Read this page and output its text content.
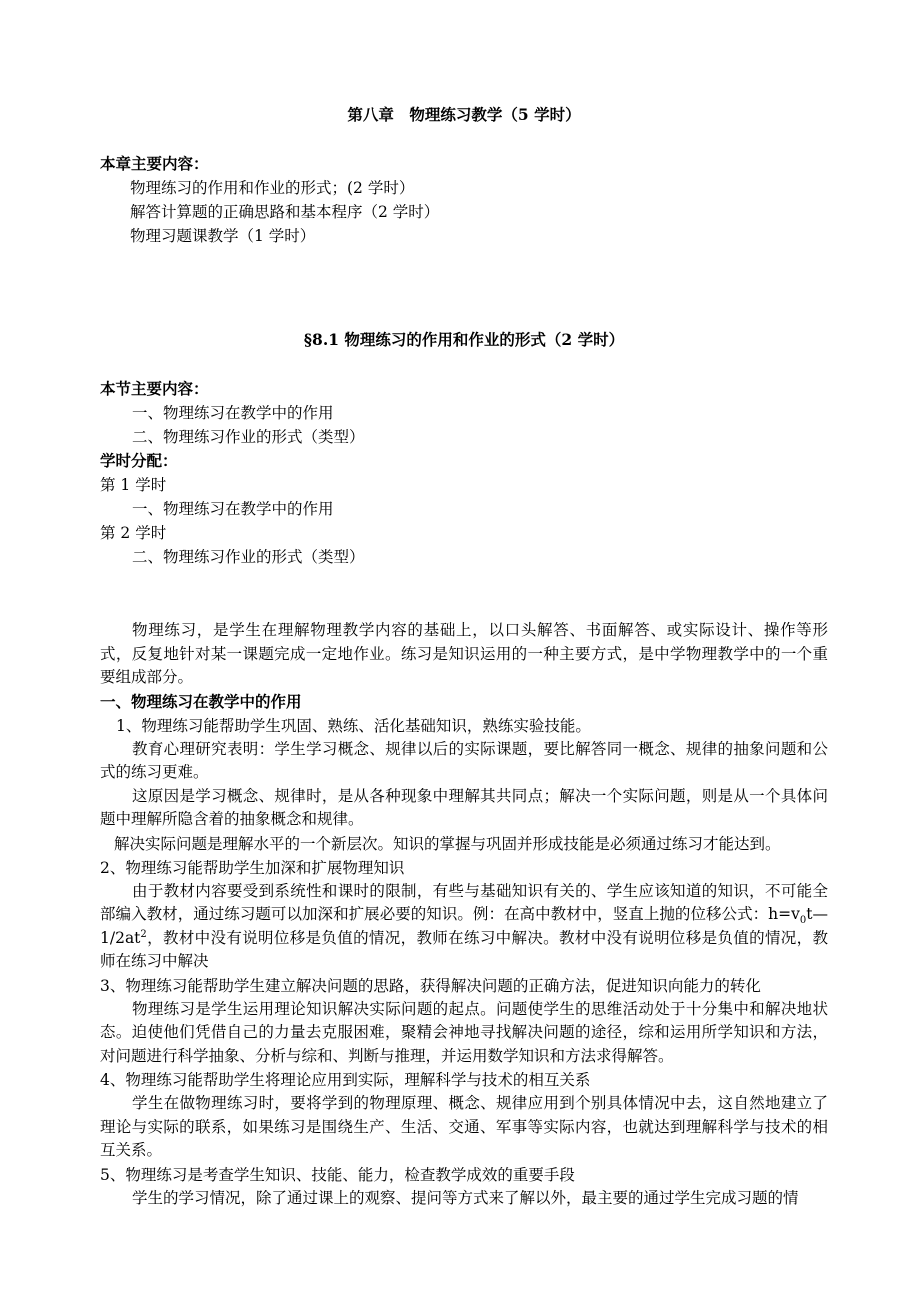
第八章　物理练习教学（5 学时）
本章主要内容：
物理练习的作用和作业的形式；(2 学时）
解答计算题的正确思路和基本程序（2 学时）
物理习题课教学（1 学时）
§8.1 物理练习的作用和作业的形式（2 学时）
本节主要内容：
一、物理练习在教学中的作用
二、物理练习作业的形式（类型）
学时分配：
第 1 学时
一、物理练习在教学中的作用
第 2 学时
二、物理练习作业的形式（类型）
物理练习，是学生在理解物理教学内容的基础上，以口头解答、书面解答、或实际设计、操作等形式，反复地针对某一课题完成一定地作业。练习是知识运用的一种主要方式，是中学物理教学中的一个重要组成部分。
一、物理练习在教学中的作用
1、物理练习能帮助学生巩固、熟练、活化基础知识，熟练实验技能。
教育心理研究表明：学生学习概念、规律以后的实际课题，要比解答同一概念、规律的抽象问题和公式的练习更难。
这原因是学习概念、规律时，是从各种现象中理解其共同点；解决一个实际问题，则是从一个具体问题中理解所隐含着的抽象概念和规律。
解决实际问题是理解水平的一个新层次。知识的掌握与巩固并形成技能是必须通过练习才能达到。
2、物理练习能帮助学生加深和扩展物理知识
由于教材内容要受到系统性和课时的限制，有些与基础知识有关的、学生应该知道的知识，不可能全部编入教材，通过练习题可以加深和扩展必要的知识。例：在高中教材中，竖直上抛的位移公式：$h=v_0t—1/2at^2$，教材中没有说明位移是负值的情况，教师在练习中解决。教材中没有说明位移是负值的情况，教师在练习中解决
3、物理练习能帮助学生建立解决问题的思路，获得解决问题的正确方法，促进知识向能力的转化
物理练习是学生运用理论知识解决实际问题的起点。问题使学生的思维活动处于十分集中和解决地状态。迫使他们凭借自己的力量去克服困难，聚精会神地寻找解决问题的途径，综和运用所学知识和方法，对问题进行科学抽象、分析与综和、判断与推理，并运用数学知识和方法求得解答。
4、物理练习能帮助学生将理论应用到实际，理解科学与技术的相互关系
学生在做物理练习时，要将学到的物理原理、概念、规律应用到个别具体情况中去，这自然地建立了理论与实际的联系，如果练习是围绕生产、生活、交通、军事等实际内容，也就达到理解科学与技术的相互关系。
5、物理练习是考查学生知识、技能、能力，检查教学成效的重要手段
学生的学习情况，除了通过课上的观察、提问等方式来了解以外，最主要的通过学生完成习题的情
